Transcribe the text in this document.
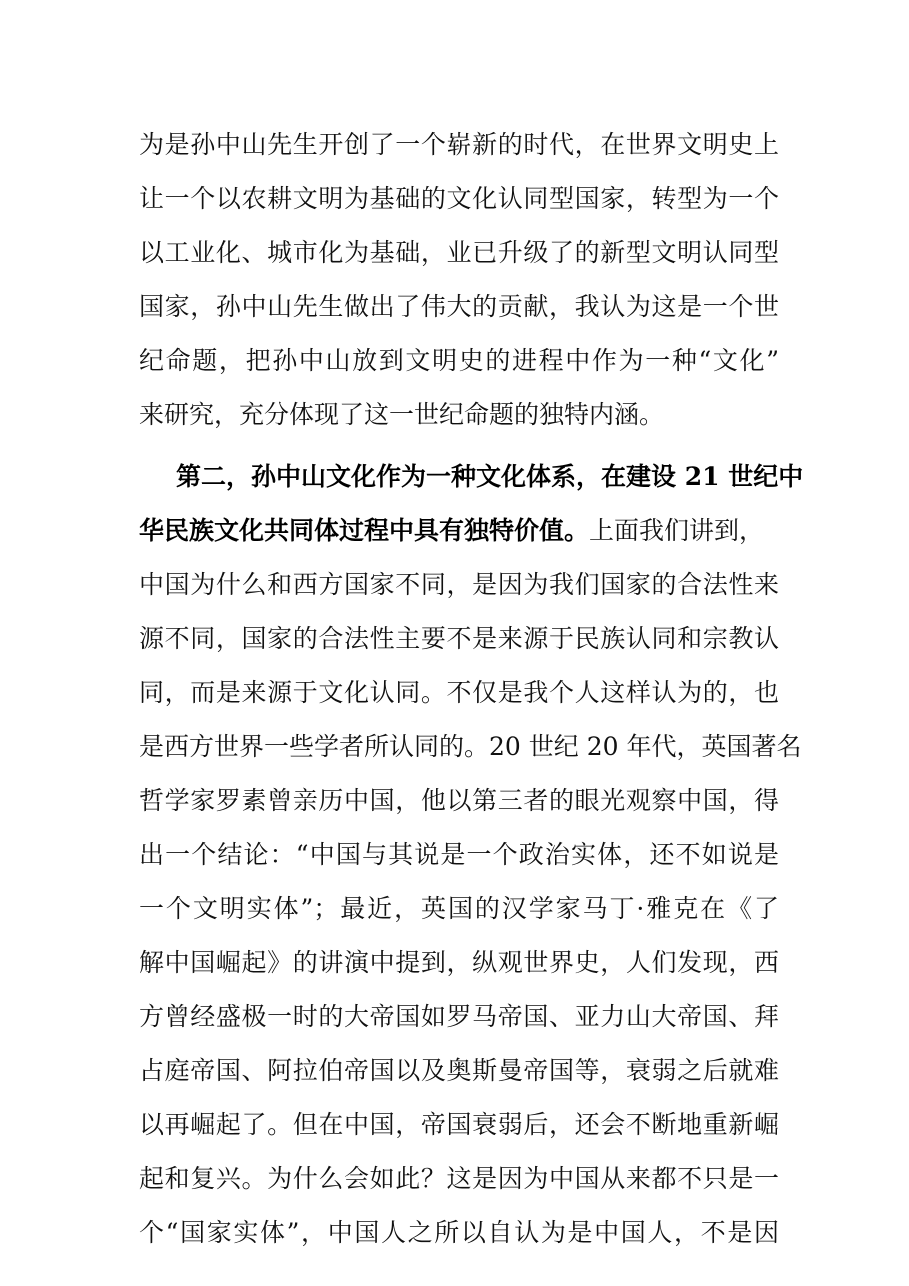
为是孙中山先生开创了一个崭新的时代，在世界文明史上
让一个以农耕文明为基础的文化认同型国家，转型为一个
以工业化、城市化为基础，业已升级了的新型文明认同型
国家，孙中山先生做出了伟大的贡献，我认为这是一个世
纪命题，把孙中山放到文明史的进程中作为一种“文化”
来研究，充分体现了这一世纪命题的独特内涵。
第二，孙中山文化作为一种文化体系，在建设 21 世纪中
华民族文化共同体过程中具有独特价值。上面我们讲到，
中国为什么和西方国家不同，是因为我们国家的合法性来
源不同，国家的合法性主要不是来源于民族认同和宗教认
同，而是来源于文化认同。不仅是我个人这样认为的，也
是西方世界一些学者所认同的。20 世纪 20 年代，英国著名
哲学家罗素曾亲历中国，他以第三者的眼光观察中国，得
出一个结论：“中国与其说是一个政治实体，还不如说是
一个文明实体”；最近，英国的汉学家马丁·雅克在《了
解中国崛起》的讲演中提到，纵观世界史，人们发现，西
方曾经盛极一时的大帝国如罗马帝国、亚力山大帝国、拜
占庭帝国、阿拉伯帝国以及奥斯曼帝国等，衰弱之后就难
以再崛起了。但在中国，帝国衰弱后，还会不断地重新崛
起和复兴。为什么会如此？这是因为中国从来都不只是一
个“国家实体”，中国人之所以自认为是中国人，不是因
